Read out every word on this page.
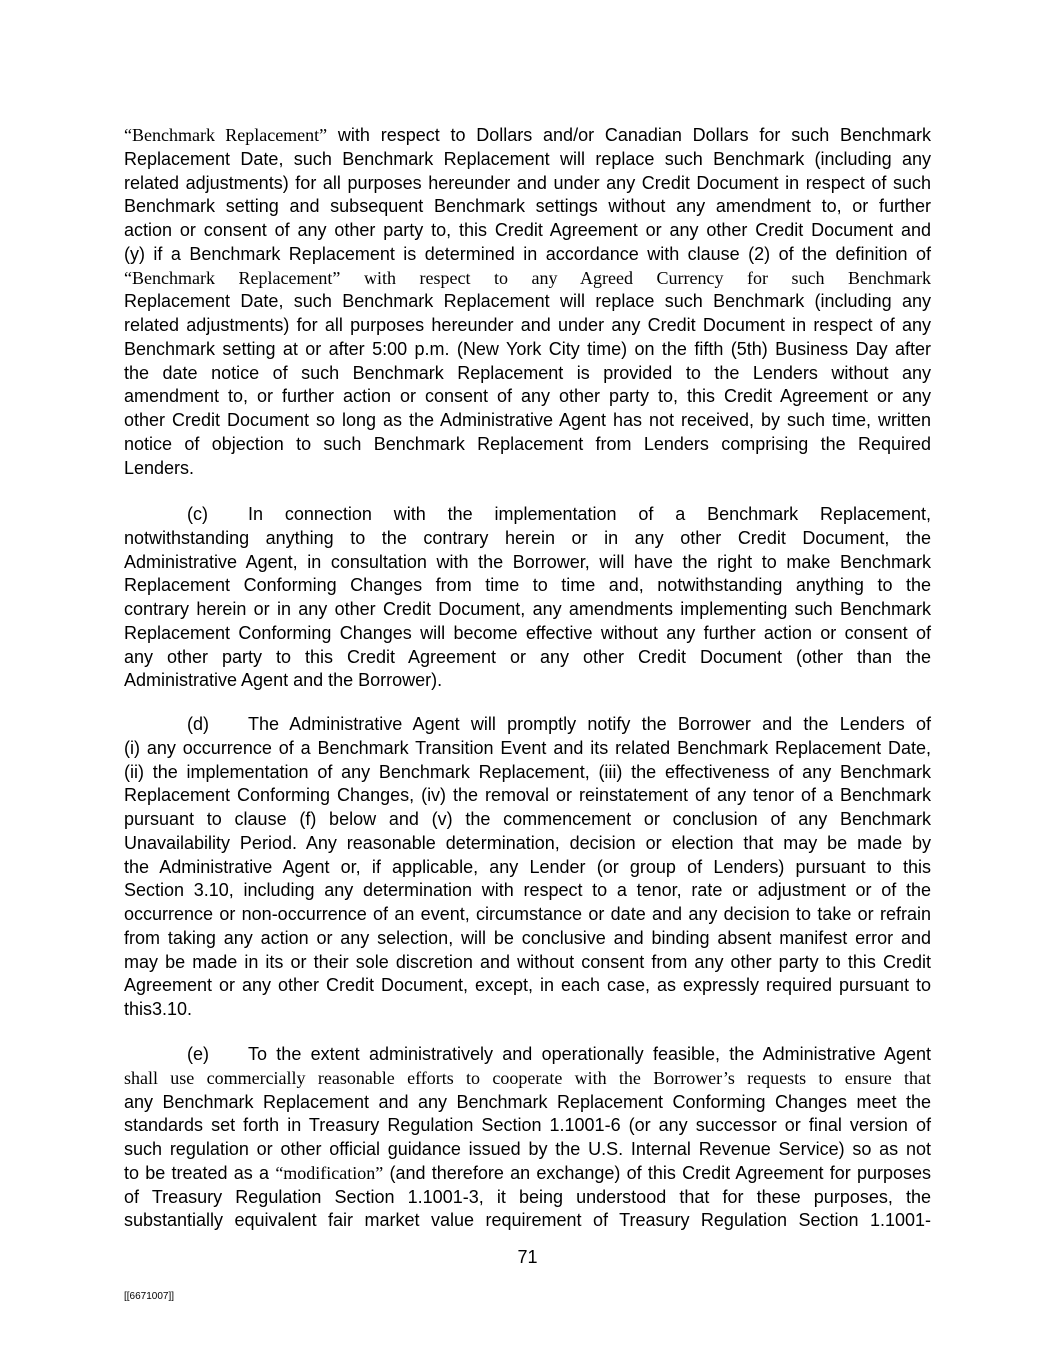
“Benchmark Replacement” with respect to Dollars and/or Canadian Dollars for such Benchmark
Replacement Date, such Benchmark Replacement will replace such Benchmark (including any
related adjustments) for all purposes hereunder and under any Credit Document in respect of such
Benchmark setting and subsequent Benchmark settings without any amendment to, or further
action or consent of any other party to, this Credit Agreement or any other Credit Document and
(y) if a Benchmark Replacement is determined in accordance with clause (2) of the definition of
“Benchmark Replacement” with respect to any Agreed Currency for such Benchmark
Replacement Date, such Benchmark Replacement will replace such Benchmark (including any
related adjustments) for all purposes hereunder and under any Credit Document in respect of any
Benchmark setting at or after 5:00 p.m. (New York City time) on the fifth (5th) Business Day after
the date notice of such Benchmark Replacement is provided to the Lenders without any
amendment to, or further action or consent of any other party to, this Credit Agreement or any
other Credit Document so long as the Administrative Agent has not received, by such time, written
notice of objection to such Benchmark Replacement from Lenders comprising the Required
Lenders.
(c) In connection with the implementation of a Benchmark Replacement,
notwithstanding anything to the contrary herein or in any other Credit Document, the
Administrative Agent, in consultation with the Borrower, will have the right to make Benchmark
Replacement Conforming Changes from time to time and, notwithstanding anything to the
contrary herein or in any other Credit Document, any amendments implementing such Benchmark
Replacement Conforming Changes will become effective without any further action or consent of
any other party to this Credit Agreement or any other Credit Document (other than the
Administrative Agent and the Borrower).
(d) The Administrative Agent will promptly notify the Borrower and the Lenders of
(i) any occurrence of a Benchmark Transition Event and its related Benchmark Replacement Date,
(ii) the implementation of any Benchmark Replacement, (iii) the effectiveness of any Benchmark
Replacement Conforming Changes, (iv) the removal or reinstatement of any tenor of a Benchmark
pursuant to clause (f) below and (v) the commencement or conclusion of any Benchmark
Unavailability Period. Any reasonable determination, decision or election that may be made by
the Administrative Agent or, if applicable, any Lender (or group of Lenders) pursuant to this
Section 3.10, including any determination with respect to a tenor, rate or adjustment or of the
occurrence or non-occurrence of an event, circumstance or date and any decision to take or refrain
from taking any action or any selection, will be conclusive and binding absent manifest error and
may be made in its or their sole discretion and without consent from any other party to this Credit
Agreement or any other Credit Document, except, in each case, as expressly required pursuant to
this3.10.
(e) To the extent administratively and operationally feasible, the Administrative Agent
shall use commercially reasonable efforts to cooperate with the Borrower’s requests to ensure that
any Benchmark Replacement and any Benchmark Replacement Conforming Changes meet the
standards set forth in Treasury Regulation Section 1.1001-6 (or any successor or final version of
such regulation or other official guidance issued by the U.S. Internal Revenue Service) so as not
to be treated as a “modification” (and therefore an exchange) of this Credit Agreement for purposes
of Treasury Regulation Section 1.1001-3, it being understood that for these purposes, the
substantially equivalent fair market value requirement of Treasury Regulation Section 1.1001-
71
[[6671007]]
